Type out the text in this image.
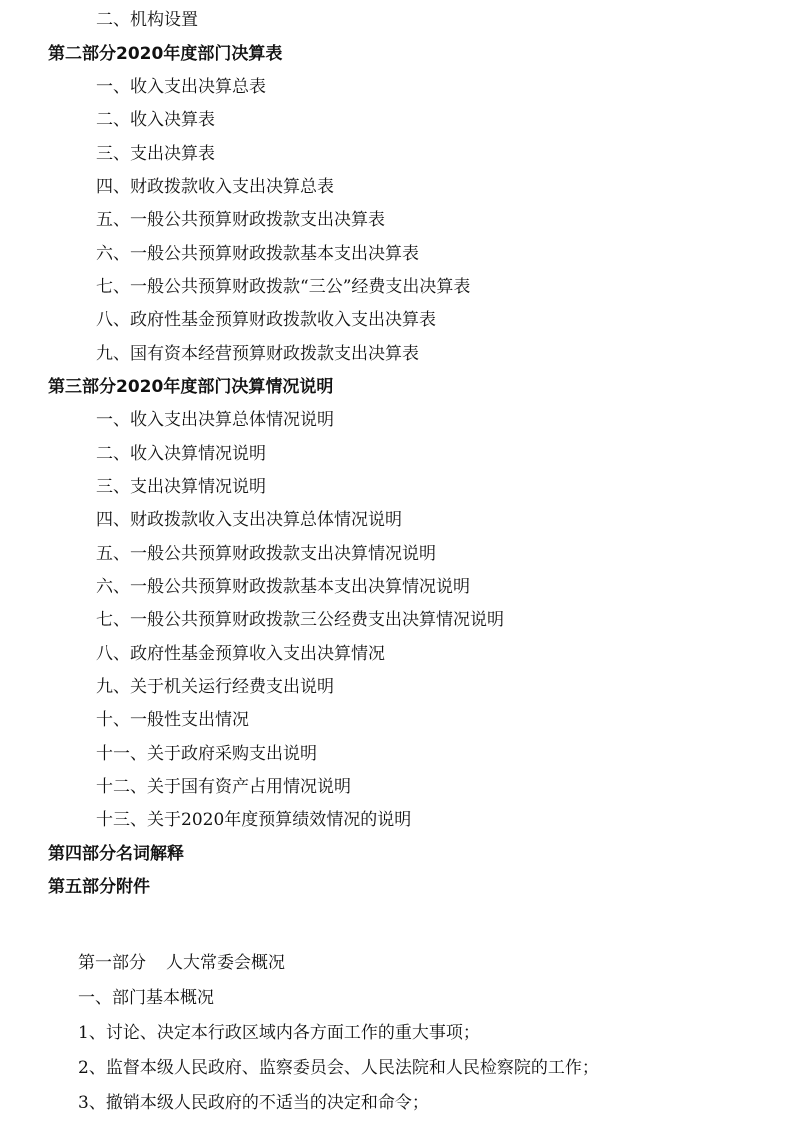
二、机构设置
第二部分2020年度部门决算表
一、收入支出决算总表
二、收入决算表
三、支出决算表
四、财政拨款收入支出决算总表
五、一般公共预算财政拨款支出决算表
六、一般公共预算财政拨款基本支出决算表
七、一般公共预算财政拨款“三公”经费支出决算表
八、政府性基金预算财政拨款收入支出决算表
九、国有资本经营预算财政拨款支出决算表
第三部分2020年度部门决算情况说明
一、收入支出决算总体情况说明
二、收入决算情况说明
三、支出决算情况说明
四、财政拨款收入支出决算总体情况说明
五、一般公共预算财政拨款支出决算情况说明
六、一般公共预算财政拨款基本支出决算情况说明
七、一般公共预算财政拨款三公经费支出决算情况说明
八、政府性基金预算收入支出决算情况
九、关于机关运行经费支出说明
十、一般性支出情况
十一、关于政府采购支出说明
十二、关于国有资产占用情况说明
十三、关于2020年度预算绩效情况的说明
第四部分名词解释
第五部分附件
第一部分 人大常委会概况
一、部门基本概况
1、讨论、决定本行政区域内各方面工作的重大事项；
2、监督本级人民政府、监察委员会、人民法院和人民检察院的工作；
3、撤销本级人民政府的不适当的决定和命令；
